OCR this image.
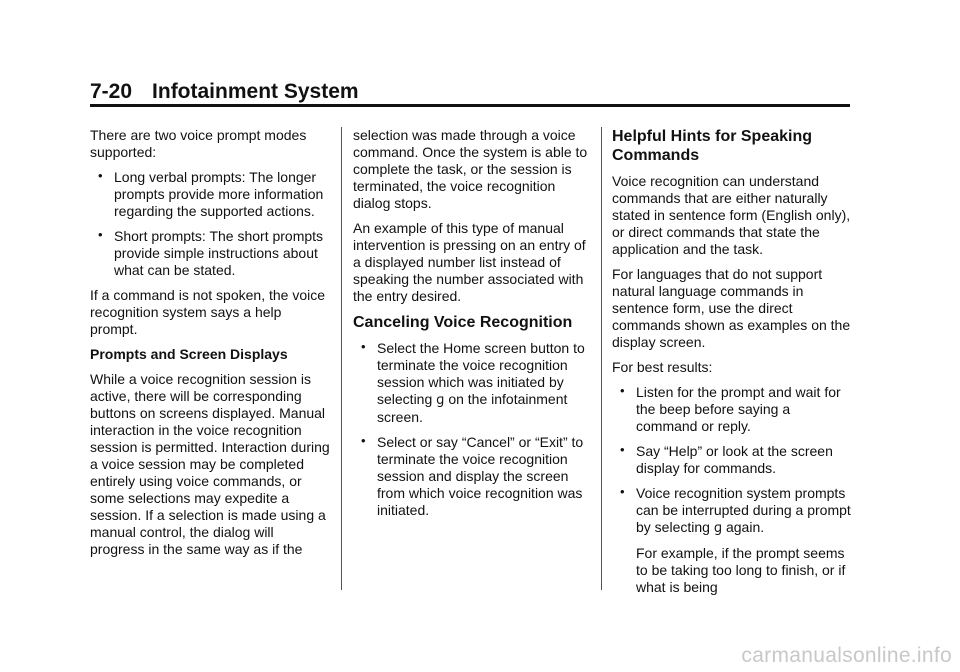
7-20 Infotainment System

There are two voice prompt modes supported:

• Long verbal prompts: The longer prompts provide more information regarding the supported actions.
• Short prompts: The short prompts provide simple instructions about what can be stated.

If a command is not spoken, the voice recognition system says a help prompt.

Prompts and Screen Displays

While a voice recognition session is active, there will be corresponding buttons on screens displayed. Manual interaction in the voice recognition session is permitted. Interaction during a voice session may be completed entirely using voice commands, or some selections may expedite a session. If a selection is made using a manual control, the dialog will progress in the same way as if the

selection was made through a voice command. Once the system is able to complete the task, or the session is terminated, the voice recognition dialog stops.

An example of this type of manual intervention is pressing on an entry of a displayed number list instead of speaking the number associated with the entry desired.

Canceling Voice Recognition
• Select the Home screen button to terminate the voice recognition session which was initiated by selecting ɡ on the infotainment screen.
• Select or say “Cancel” or “Exit” to terminate the voice recognition session and display the screen from which voice recognition was initiated.
Helpful Hints for Speaking Commands

Voice recognition can understand commands that are either naturally stated in sentence form (English only), or direct commands that state the application and the task.

For languages that do not support natural language commands in sentence form, use the direct commands shown as examples on the display screen.

For best results:

• Listen for the prompt and wait for the beep before saying a command or reply.
• Say “Help” or look at the screen display for commands.
• Voice recognition system prompts can be interrupted during a prompt by selecting ɡ again.

For example, if the prompt seems to be taking too long to finish, or if what is being

carmanualsonline.info
